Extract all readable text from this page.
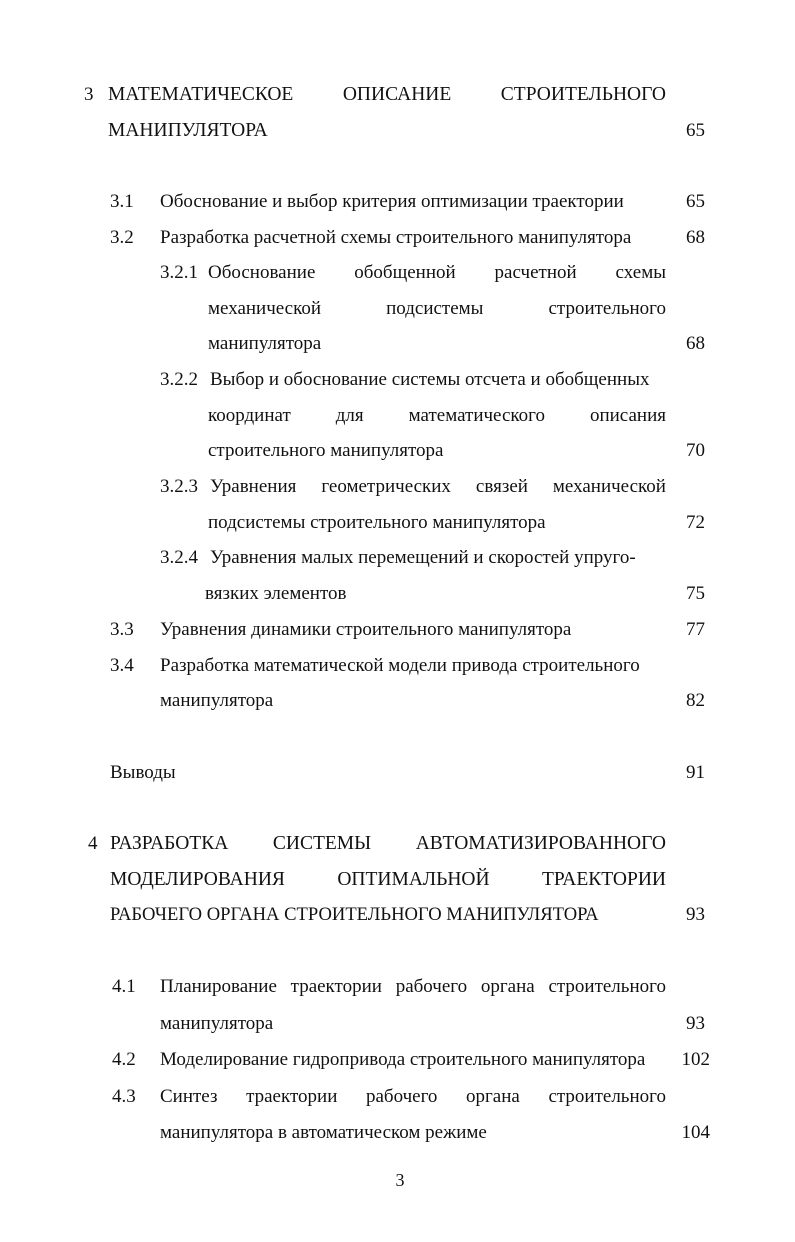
3 МАТЕМАТИЧЕСКОЕ	ОПИСАНИЕ	СТРОИТЕЛЬНОГО
МАНИПУЛЯТОРА	65
3.1 Обоснование и выбор критерия оптимизации траектории	65
3.2 Разработка расчетной схемы строительного манипулятора	68
3.2.1 Обоснование обобщенной расчетной схемы
механической	подсистемы	строительного
манипулятора	68
3.2.2 Выбор и обоснование системы отсчета и обобщенных
координат для математического описания
строительного манипулятора	70
3.2.3 Уравнения геометрических связей механической
подсистемы строительного манипулятора	72
3.2.4 Уравнения малых перемещений и скоростей упруго-
вязких элементов	75
3.3 Уравнения динамики строительного манипулятора	77
3.4 Разработка математической модели привода строительного
манипулятора	82
Выводы	91
4 РАЗРАБОТКА СИСТЕМЫ АВТОМАТИЗИРОВАННОГО
МОДЕЛИРОВАНИЯ	ОПТИМАЛЬНОЙ	ТРАЕКТОРИИ
РАБОЧЕГО ОРГАНА СТРОИТЕЛЬНОГО МАНИПУЛЯТОРА	93
4.1 Планирование траектории рабочего органа строительного
манипулятора	93
4.2 Моделирование гидропривода строительного манипулятора	102
4.3 Синтез траектории рабочего органа строительного
манипулятора в автоматическом режиме	104
3
